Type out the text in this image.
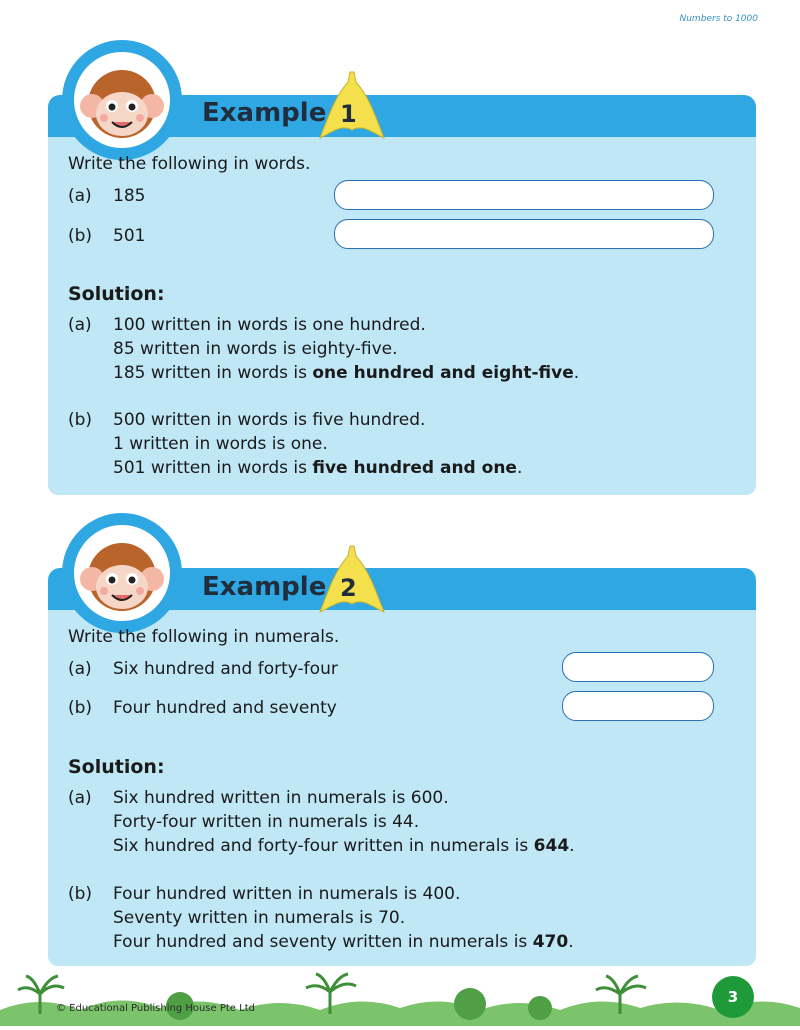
Numbers to 1000
Example 1
Write the following in words.
(a) 185
(b) 501
Solution:
(a) 100 written in words is one hundred.
85 written in words is eighty-five.
185 written in words is one hundred and eight-five.
(b) 500 written in words is five hundred.
1 written in words is one.
501 written in words is five hundred and one.
Example 2
Write the following in numerals.
(a) Six hundred and forty-four
(b) Four hundred and seventy
Solution:
(a) Six hundred written in numerals is 600.
Forty-four written in numerals is 44.
Six hundred and forty-four written in numerals is 644.
(b) Four hundred written in numerals is 400.
Seventy written in numerals is 70.
Four hundred and seventy written in numerals is 470.
© Educational Publishing House Pte Ltd
3
